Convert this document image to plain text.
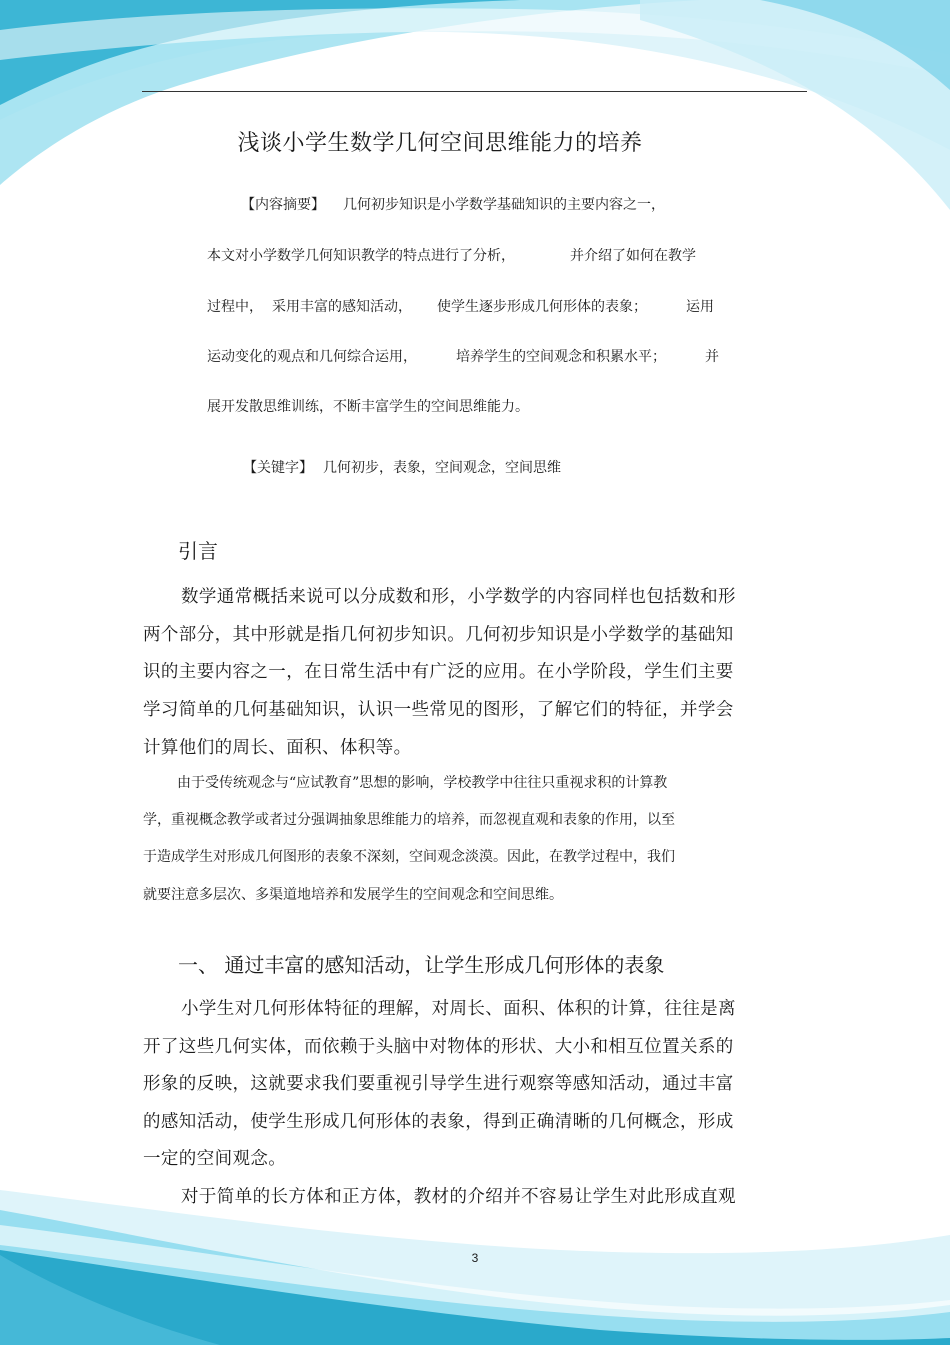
浅谈小学生数学几何空间思维能力的培养
【内容摘要】 几何初步知识是小学数学基础知识的主要内容之一，
本文对小学数学几何知识教学的特点进行了分析，	并介绍了如何在教学
过程中， 采用丰富的感知活动， 使学生逐步形成几何形体的表象；	运用
运动变化的观点和几何综合运用，	培养学生的空间观念和积累水平；	并
展开发散思维训练，不断丰富学生的空间思维能力。
【关键字】 几何初步，表象，空间观念，空间思维
引言
数学通常概括来说可以分成数和形，小学数学的内容同样也包括数和形
两个部分，其中形就是指几何初步知识。几何初步知识是小学数学的基础知
识的主要内容之一，在日常生活中有广泛的应用。在小学阶段，学生们主要
学习简单的几何基础知识，认识一些常见的图形，了解它们的特征，并学会
计算他们的周长、面积、体积等。
由于受传统观念与“应试教育”思想的影响，学校教学中往往只重视求积的计算教
学，重视概念教学或者过分强调抽象思维能力的培养，而忽视直观和表象的作用，以至
于造成学生对形成几何图形的表象不深刻，空间观念淡漠。因此，在教学过程中，我们
就要注意多层次、多渠道地培养和发展学生的空间观念和空间思维。
一、 通过丰富的感知活动，让学生形成几何形体的表象
小学生对几何形体特征的理解，对周长、面积、体积的计算，往往是离
开了这些几何实体，而依赖于头脑中对物体的形状、大小和相互位置关系的
形象的反映，这就要求我们要重视引导学生进行观察等感知活动，通过丰富
的感知活动，使学生形成几何形体的表象，得到正确清晰的几何概念，形成
一定的空间观念。
对于简单的长方体和正方体，教材的介绍并不容易让学生对此形成直观
3
